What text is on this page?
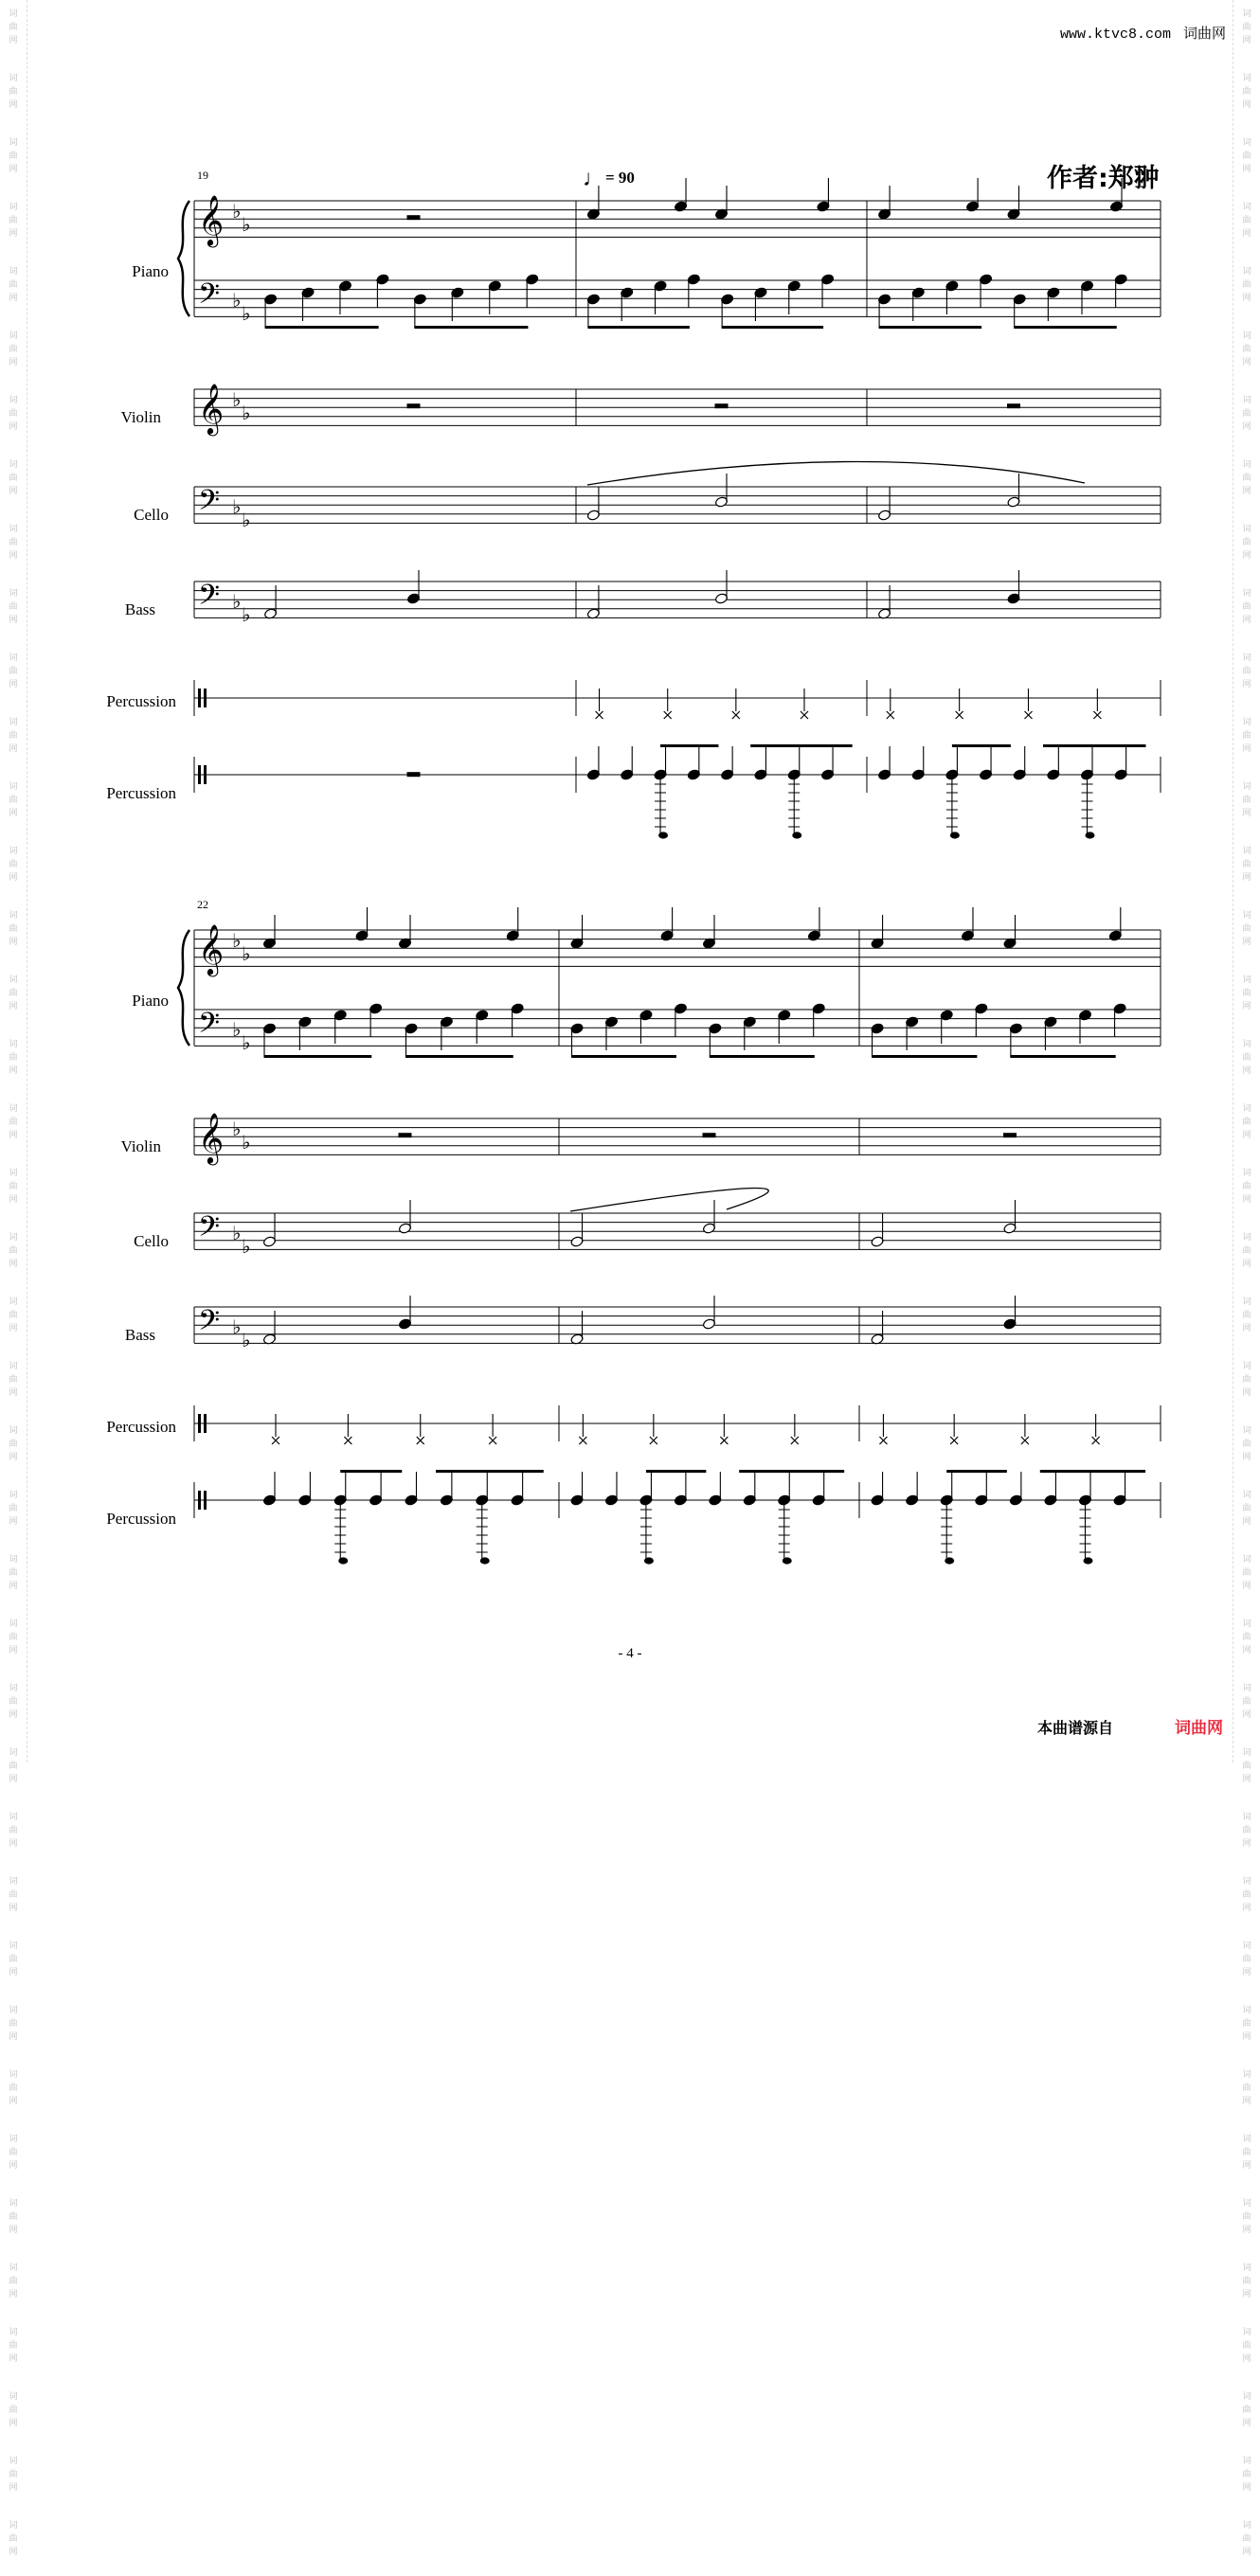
词
曲
网
词
曲
网
词
曲
网
词
曲
网
词
曲
网
词
曲
网
词
曲
网
词
曲
网
词
曲
网
词
曲
网
词
曲
网
词
曲
网
词
曲
网
词
曲
网
词
曲
网
词
曲
网
词
曲
网
词
曲
网
词
曲
网
词
曲
网
词
曲
网
词
曲
网
词
曲
网
词
曲
网
词
曲
网
词
曲
网
词
曲
网
词
曲
网
词
曲
网
词
曲
网
词
曲
网
词
曲
网
词
曲
网
词
曲
网
词
曲
网
词
曲
网
词
曲
网
词
曲
网
词
曲
网
词
曲
网
词
曲
网
词
曲
网
词
曲
网
词
曲
网
词
曲
网
词
曲
网
词
曲
网
词
曲
网
词
曲
网
词
曲
网
词
曲
网
词
曲
网
词
曲
网
词
曲
网
词
曲
网
词
曲
网
词
曲
网
词
曲
网
词
曲
网
词
曲
网
词
曲
网
词
曲
网
词
曲
网
词
曲
网
词
曲
网
词
曲
网
词
曲
网
词
曲
网
词
曲
网
词
曲
网
词
曲
网
词
曲
网
词
曲
网
词
曲
网
词
曲
网
词
曲
网
词
曲
网
词
曲
网
词
曲
网
词
曲
网
www.ktvc8.com 词曲网
♩= 90	作者:郑翀
19
Piano
Violin
Cello
Bass
Percussion
Percussion
22
Piano
Violin
Cello
Bass
Percussion
Percussion
𝄞 ♭
♭
𝄢 ♭
♭
𝄞 ♭
♭
𝄢 ♭
♭
𝄢 ♭
♭
𝄞 ♭
♭
𝄢 ♭
♭
𝄞 ♭
♭
𝄢 ♭
♭
𝄢 ♭
♭
- 4 -
本曲谱源自	词曲网
